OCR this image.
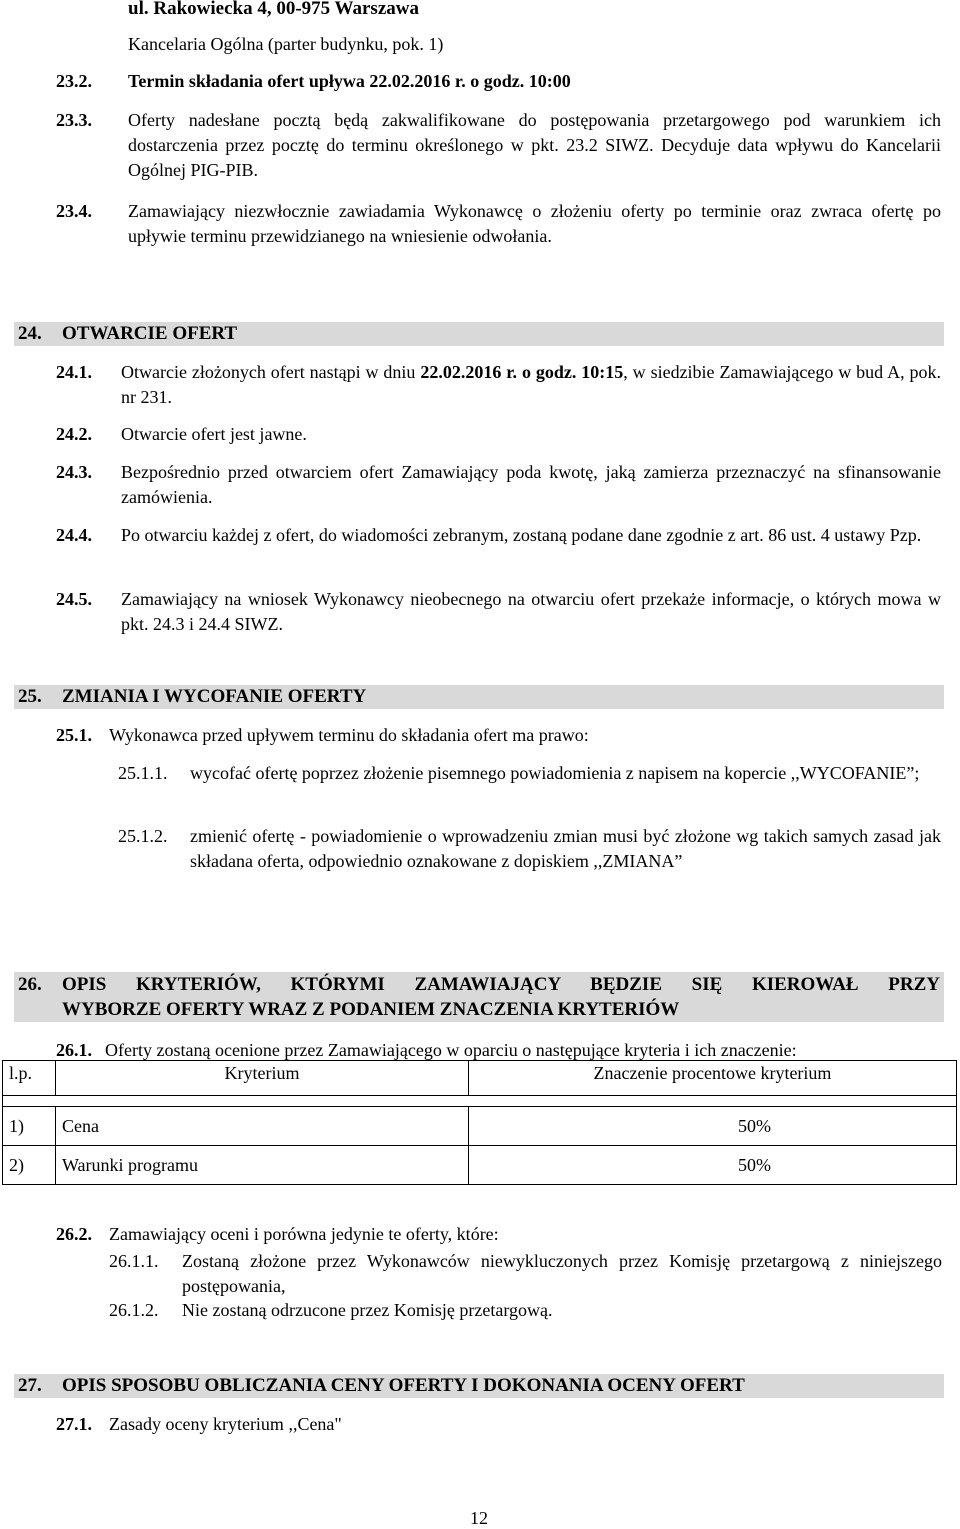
ul. Rakowiecka 4, 00-975 Warszawa
Kancelaria Ogólna (parter budynku, pok. 1)
23.2. Termin składania ofert upływa 22.02.2016 r. o godz. 10:00
23.3. Oferty nadesłane pocztą będą zakwalifikowane do postępowania przetargowego pod warunkiem ich dostarczenia przez pocztę do terminu określonego w pkt. 23.2 SIWZ. Decyduje data wpływu do Kancelarii Ogólnej PIG-PIB.
23.4. Zamawiający niezwłocznie zawiadamia Wykonawcę o złożeniu oferty po terminie oraz zwraca ofertę po upływie terminu przewidzianego na wniesienie odwołania.
24. OTWARCIE OFERT
24.1. Otwarcie złożonych ofert nastąpi w dniu 22.02.2016 r. o godz. 10:15, w siedzibie Zamawiającego w bud A, pok. nr 231.
24.2. Otwarcie ofert jest jawne.
24.3. Bezpośrednio przed otwarciem ofert Zamawiający poda kwotę, jaką zamierza przeznaczyć na sfinansowanie zamówienia.
24.4. Po otwarciu każdej z ofert, do wiadomości zebranym, zostaną podane dane zgodnie z art. 86 ust. 4 ustawy Pzp.
24.5. Zamawiający na wniosek Wykonawcy nieobecnego na otwarciu ofert przekaże informacje, o których mowa w pkt. 24.3 i 24.4 SIWZ.
25. ZMIANIA I WYCOFANIE OFERTY
25.1. Wykonawca przed upływem terminu do składania ofert ma prawo:
25.1.1. wycofać ofertę poprzez złożenie pisemnego powiadomienia z napisem na kopercie ,,WYCOFANIE”;
25.1.2. zmienić ofertę - powiadomienie o wprowadzeniu zmian musi być złożone wg takich samych zasad jak składana oferta, odpowiednio oznakowane z dopiskiem ,,ZMIANA”
26. OPIS KRYTERIÓW, KTÓRYMI ZAMAWIAJĄCY BĘDZIE SIĘ KIEROWAŁ PRZY
WYBORZE OFERTY WRAZ Z PODANIEM ZNACZENIA KRYTERIÓW
26.1. Oferty zostaną ocenione przez Zamawiającego w oparciu o następujące kryteria i ich znaczenie:
l.p.	Kryterium	Znaczenie procentowe kryterium

1)	Cena	50%
2)	Warunki programu	50%
26.2. Zamawiający oceni i porówna jedynie te oferty, które:
26.1.1. Zostaną złożone przez Wykonawców niewykluczonych przez Komisję przetargową z niniejszego postępowania,
26.1.2. Nie zostaną odrzucone przez Komisję przetargową.
27. OPIS SPOSOBU OBLICZANIA CENY OFERTY I DOKONANIA OCENY OFERT
27.1. Zasady oceny kryterium ,,Cena"
12
